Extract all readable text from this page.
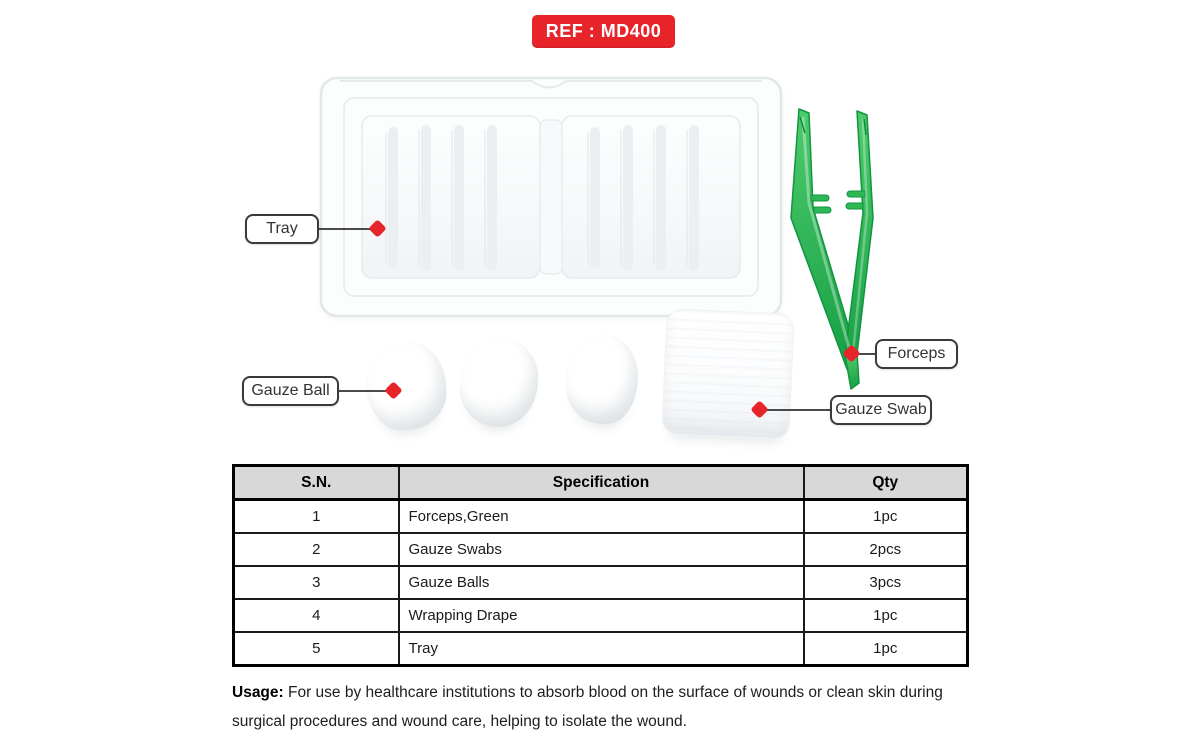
REF : MD400
Tray
Gauze Ball
Forceps
Gauze Swab
S.N.	Specification	Qty
1	Forceps,Green	1pc
2	Gauze Swabs	2pcs
3	Gauze Balls	3pcs
4	Wrapping Drape	1pc
5	Tray	1pc
Usage: For use by healthcare institutions to absorb blood on the surface of wounds or clean skin during surgical procedures and wound care, helping to isolate the wound.
